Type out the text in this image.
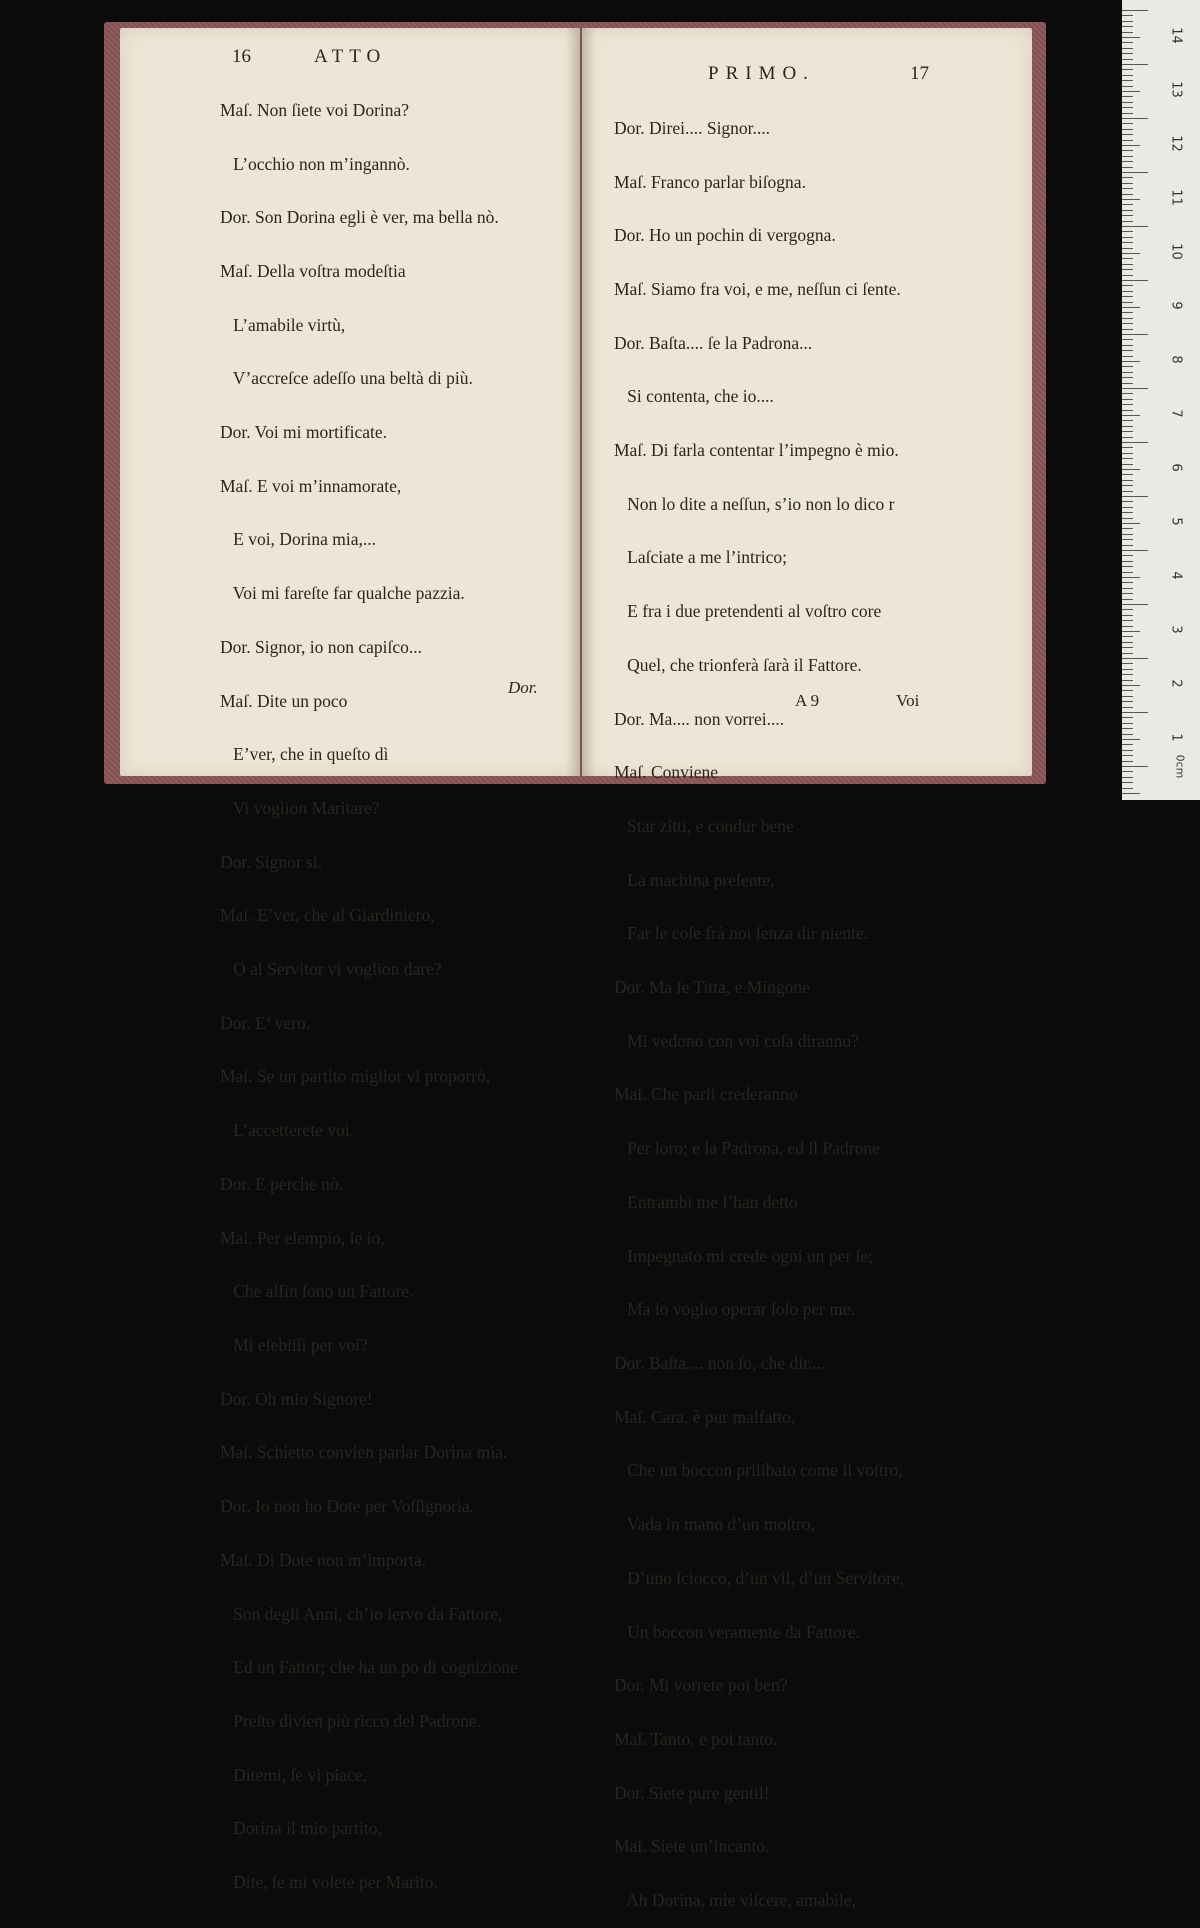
16	ATTO

Maſ. Non ſiete voi Dorina?

L’occhio non m’ingannò.

Dor. Son Dorina egli è ver, ma bella nò.

Maſ. Della voſtra modeſtia

L’amabile virtù,

V’accreſce adeſſo una beltà di più.

Dor. Voi mi mortificate.

Maſ. E voi m’innamorate,

E voi, Dorina mia,...

Voi mi fareſte far qualche pazzia.

Dor. Signor, io non capiſco...

Maſ. Dite un poco

E’ver, che in queſto dì

Vi voglion Maritare?

Dor. Signor sì.

Maſ. E’ver, che al Giardiniero,

O al Servitor vi voglion dare?

Dor. E’ vero.

Maſ. Se un partito miglior vi proporrò,

L’accetterete voi.

Dor. E perche nò.

Maſ. Per eſempio, ſe io,

Che alfin ſono un Fattore.

Mi eſebiſſi per voi?

Dor. Oh mio Signore!

Maſ. Schietto convien parlar Dorina mia.

Dor. Io non ho Dote per Voſſignoria.

Maſ. Di Dote non m’importa.

Son degli Anni, ch’io ſervo da Fattore,

Ed un Fattor; che ha un po di cognizione

Preſto divien più ricco del Padrone.

Ditemi, ſe vi piace,

Dorina il mio partito,

Dite, ſe mi volete per Marito.

Dor.
PRIMO.	17

Dor. Direi.... Signor....

Maſ. Franco parlar biſogna.

Dor. Ho un pochin di vergogna.

Maſ. Siamo fra voi, e me, neſſun ci ſente.

Dor. Baſta.... ſe la Padrona...

Si contenta, che io....

Maſ. Di farla contentar l’impegno è mio.

Non lo dite a neſſun, s’io non lo dico r

Laſciate a me l’intrico;

E fra i due pretendenti al voſtro core

Quel, che trionferà ſarà il Fattore.

Dor. Ma.... non vorrei....

Maſ. Conviene

Star zitti, e condur bene

La machina preſente,

Far le coſe frà noi ſenza dir niente.

Dor. Ma ſe Titta, e Mingone

Mi vedono con voi coſa diranno?

Maſ. Che parli crederanno

Per loro; e la Padrona, ed il Padrone

Entrambi me l’han detto

Impegnato mi crede ogni un per ſe;

Ma io voglio operar ſolo per me.

Dor. Baſta.... non ſo, che dir....

Maſ. Cara, è pur malfatto,

Che un boccon prilibato come il voſtro,

Vada in mano d’un moſtro,

D’uno ſciocco, d’un vil, d’un Servitore,

Un boccon veramente da Fattore.

Dor. Mi vorrete poi ben?

Maſ. Tanto, e poi tanto.

Dor. Siete pure gentil!

Maſ. Siete un’incanto.

Ah Dorina, mie viſcere, amabile,

A 9	Voi
14
13
12
11
10
9
8
7
6
5
4
3
2
1
0cm
